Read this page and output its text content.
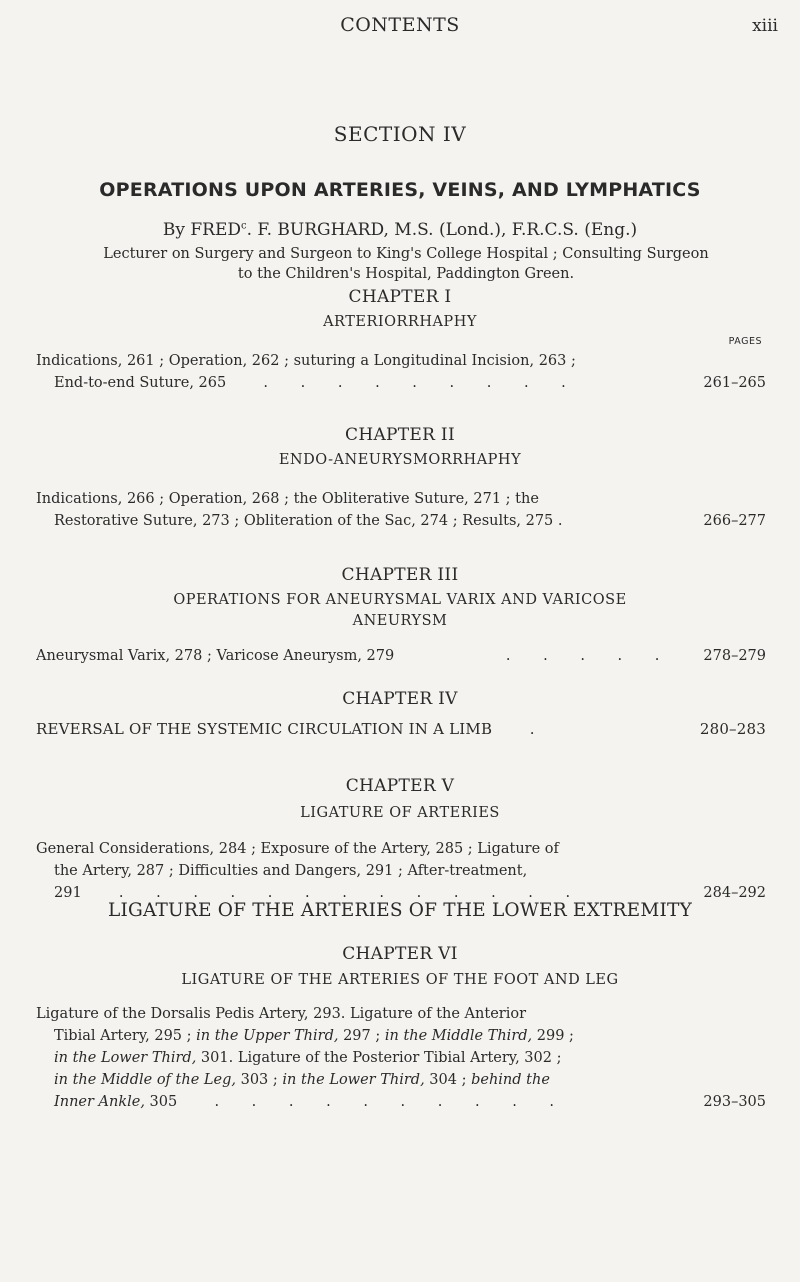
CONTENTS	xiii
SECTION IV
OPERATIONS UPON ARTERIES, VEINS, AND LYMPHATICS
By FRED$^c$. F. BURGHARD, M.S. (Lond.), F.R.C.S. (Eng.)
Lecturer on Surgery and Surgeon to King's College Hospital ; Consulting Surgeon
to the Children's Hospital, Paddington Green.
CHAPTER I
ARTERIORRHAPHY
PAGES
Indications, 261 ; Operation, 262 ; suturing a Longitudinal Incision, 263 ;
End-to-end Suture, 265  . . . . . . . . .	261–265
CHAPTER II
ENDO-ANEURYSMORRHAPHY
Indications, 266 ; Operation, 268 ; the Obliterative Suture, 271 ; the
Restorative Suture, 273 ; Obliteration of the Sac, 274 ; Results, 275 .	266–277
CHAPTER III
OPERATIONS FOR ANEURYSMAL VARIX AND VARICOSE
ANEURYSM
Aneurysmal Varix, 278 ; Varicose Aneurysm, 279      . . . . .	278–279
CHAPTER IV
REVERSAL OF THE SYSTEMIC CIRCULATION IN A LIMB  .	280–283
CHAPTER V
LIGATURE OF ARTERIES
General Considerations, 284 ; Exposure of the Artery, 285 ; Ligature of
the Artery, 287 ; Difficulties and Dangers, 291 ; After-treatment,
291  . . . . . . . . . . . . .	284–292
LIGATURE OF THE ARTERIES OF THE LOWER EXTREMITY
CHAPTER VI
LIGATURE OF THE ARTERIES OF THE FOOT AND LEG
Ligature of the Dorsalis Pedis Artery, 293. Ligature of the Anterior
Tibial Artery, 295 ; in the Upper Third, 297 ; in the Middle Third, 299 ;
in the Lower Third, 301. Ligature of the Posterior Tibial Artery, 302 ;
in the Middle of the Leg, 303 ; in the Lower Third, 304 ; behind the
Inner Ankle, 305  . . . . . . . . . .	293–305
